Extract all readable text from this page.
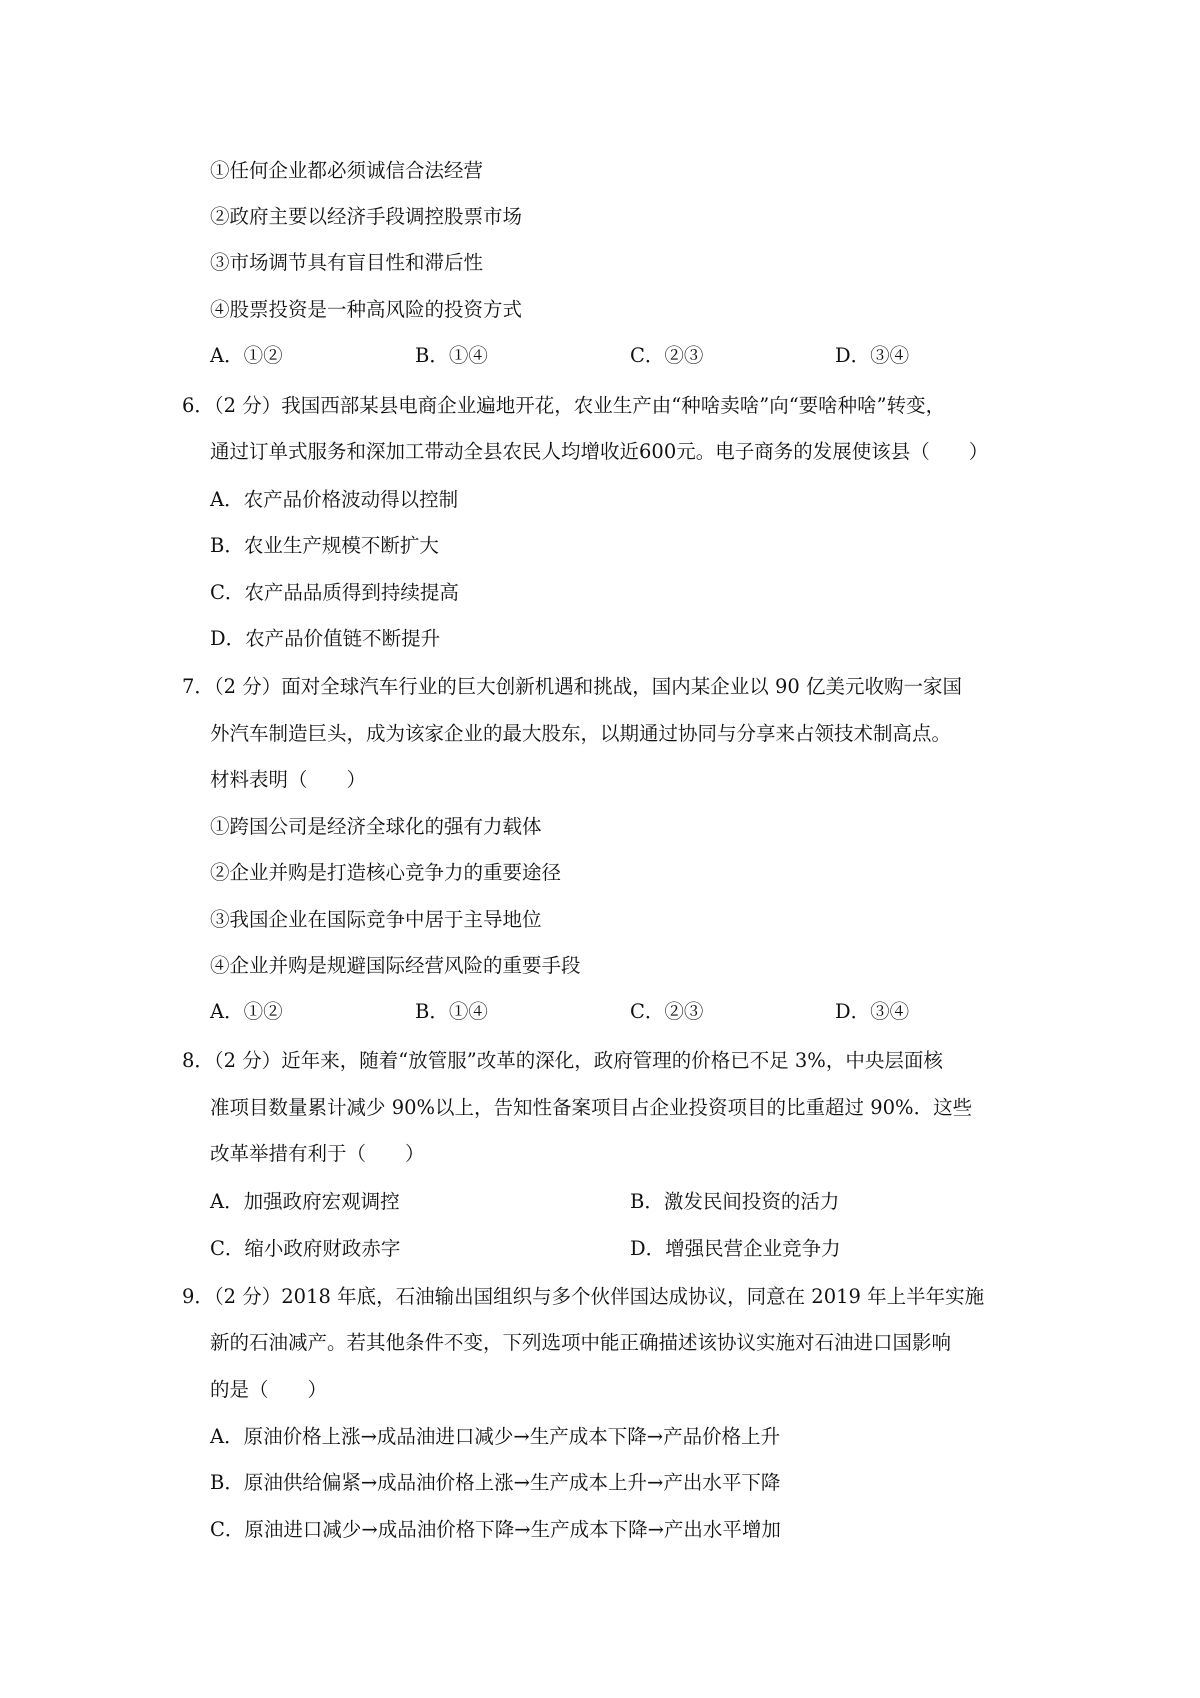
①任何企业都必须诚信合法经营
②政府主要以经济手段调控股票市场
③市场调节具有盲目性和滞后性
④股票投资是一种高风险的投资方式
A．①②	B．①④	C．②③	D．③④
6．（2 分）我国西部某县电商企业遍地开花，农业生产由“种啥卖啥”向“要啥种啥”转变，
通过订单式服务和深加工带动全县农民人均增收近600元。电子商务的发展使该县（　　）
A．农产品价格波动得以控制
B．农业生产规模不断扩大
C．农产品品质得到持续提高
D．农产品价值链不断提升
7．（2 分）面对全球汽车行业的巨大创新机遇和挑战，国内某企业以 90 亿美元收购一家国
外汽车制造巨头，成为该家企业的最大股东，以期通过协同与分享来占领技术制高点。
材料表明（　　）
①跨国公司是经济全球化的强有力载体
②企业并购是打造核心竞争力的重要途径
③我国企业在国际竞争中居于主导地位
④企业并购是规避国际经营风险的重要手段
A．①②	B．①④	C．②③	D．③④
8．（2 分）近年来，随着“放管服”改革的深化，政府管理的价格已不足 3%，中央层面核
准项目数量累计减少 90%以上，告知性备案项目占企业投资项目的比重超过 90%．这些
改革举措有利于（　　）
A．加强政府宏观调控	B．激发民间投资的活力
C．缩小政府财政赤字	D．增强民营企业竞争力
9．（2 分）2018 年底，石油输出国组织与多个伙伴国达成协议，同意在 2019 年上半年实施
新的石油减产。若其他条件不变，下列选项中能正确描述该协议实施对石油进口国影响
的是（　　）
A．原油价格上涨→成品油进口减少→生产成本下降→产品价格上升
B．原油供给偏紧→成品油价格上涨→生产成本上升→产出水平下降
C．原油进口减少→成品油价格下降→生产成本下降→产出水平增加
